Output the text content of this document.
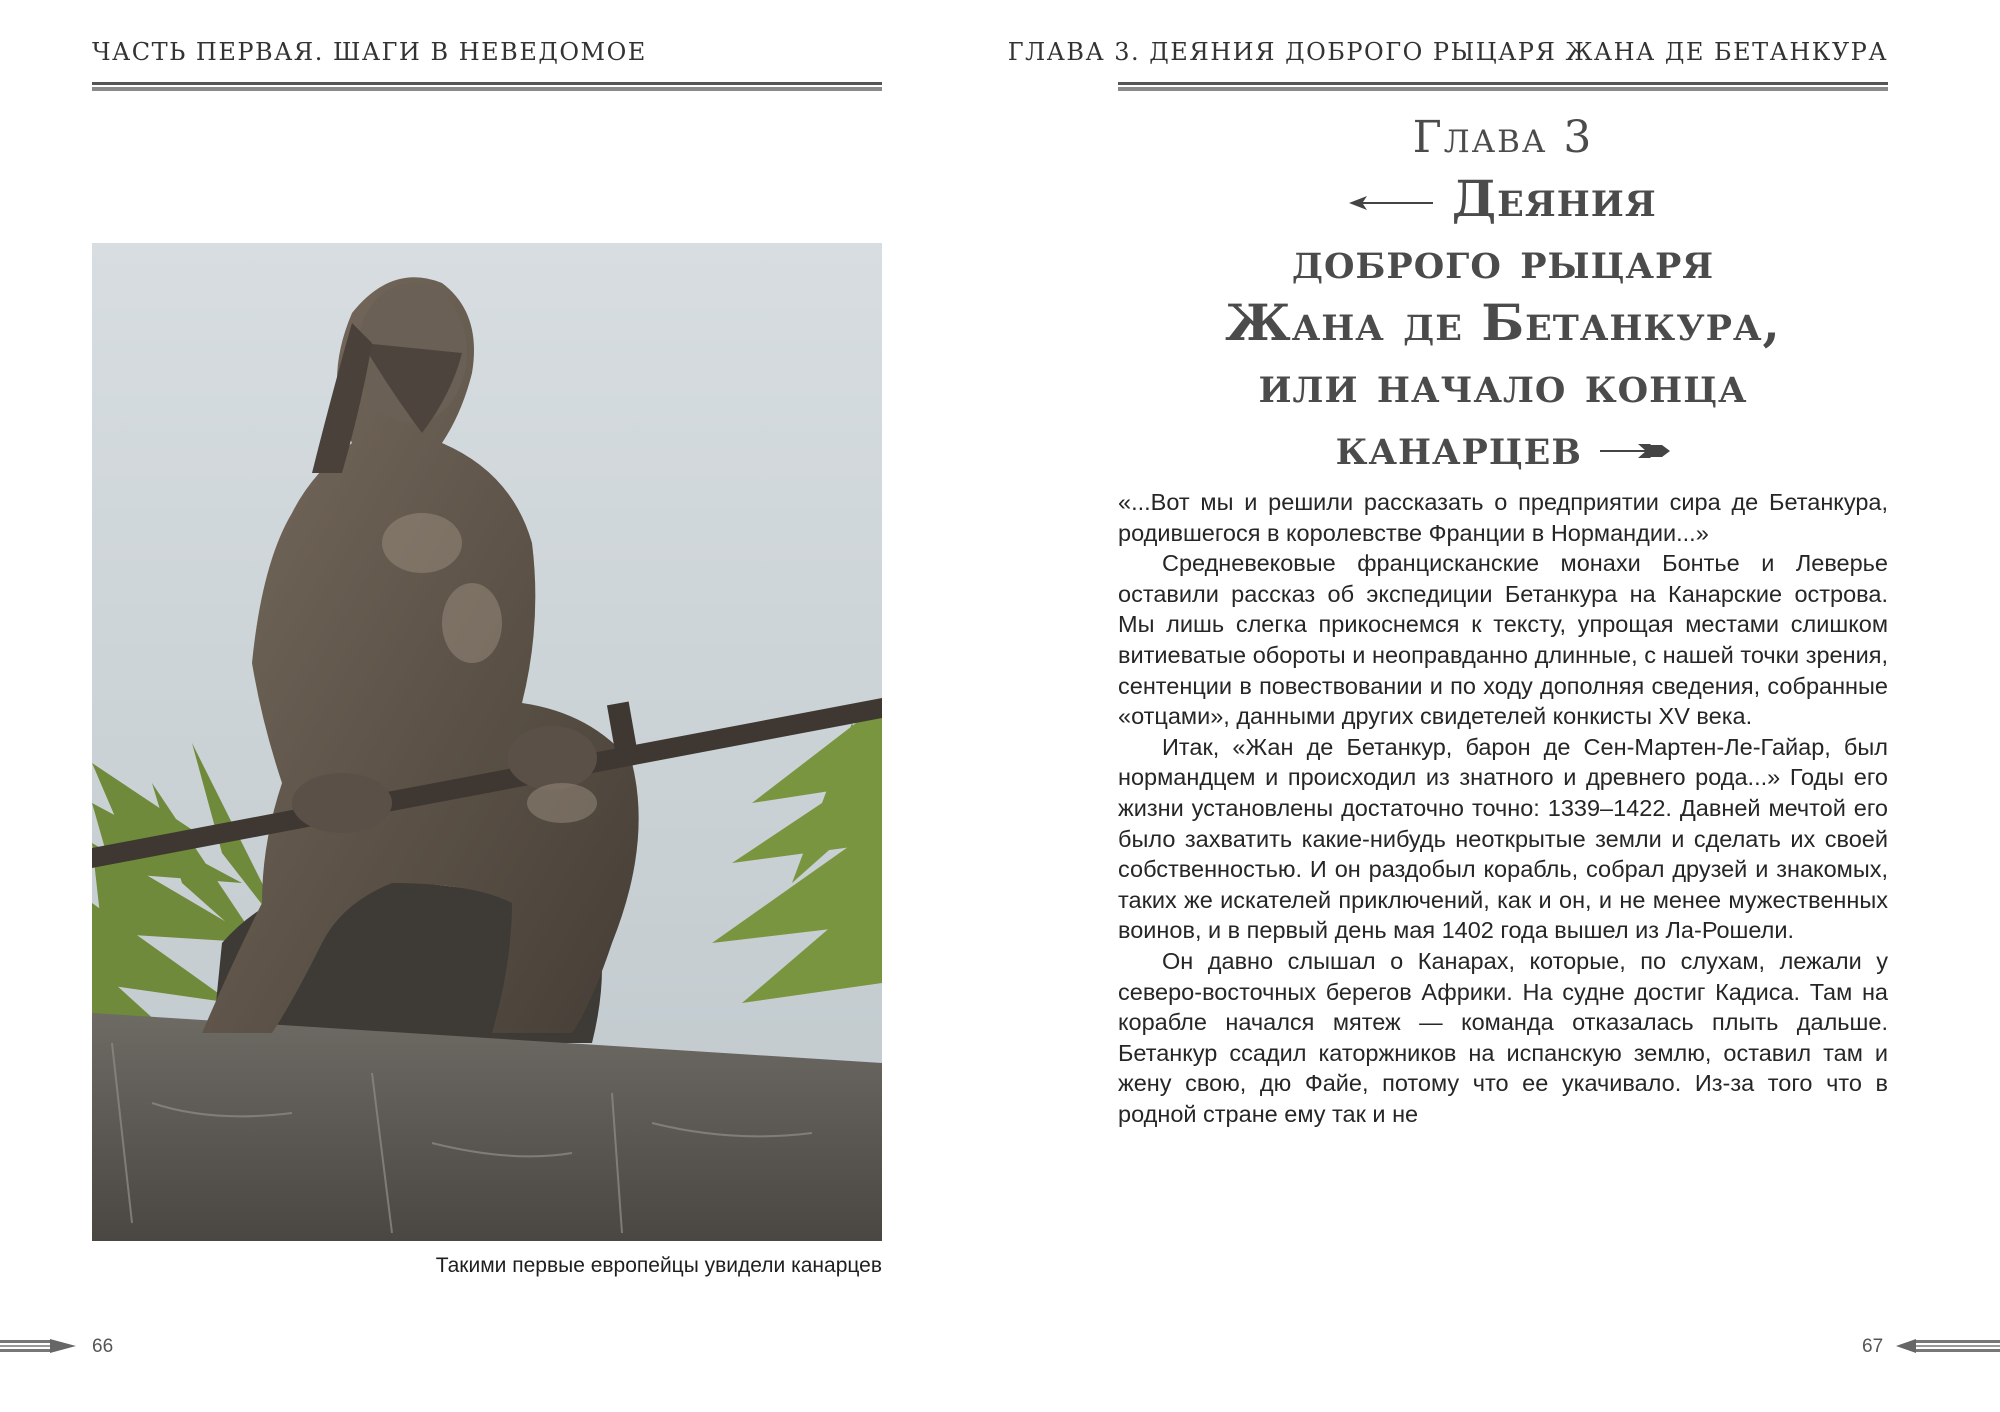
ЧАСТЬ ПЕРВАЯ. ШАГИ В НЕВЕДОМОЕ
Такими первые европейцы увидели канарцев
66
ГЛАВА 3. ДЕЯНИЯ ДОБРОГО РЫЦАРЯ ЖАНА ДЕ БЕТАНКУРА
Глава 3
Деяния
доброго рыцаря
Жана де Бетанкура,
или начало конца
канарцев

«...Вот мы и решили рассказать о предприятии сира де Бетанкура, родившегося в королевстве Франции в Нормандии...»

Средневековые францисканские монахи Бонтье и Леверье оставили рассказ об экспедиции Бетанкура на Канарские острова. Мы лишь слегка прикоснемся к тексту, упрощая местами слишком витиеватые обороты и неоправданно длинные, с нашей точки зрения, сентенции в повествовании и по ходу дополняя сведения, собранные «отцами», данными других свидетелей конкисты XV века.

Итак, «Жан де Бетанкур, барон де Сен-Мартен-Ле-Гайар, был нормандцем и происходил из знатного и древнего рода...» Годы его жизни установлены достаточно точно: 1339–1422. Давней мечтой его было захватить какие-нибудь неоткрытые земли и сделать их своей собственностью. И он раздобыл корабль, собрал друзей и знакомых, таких же искателей приключений, как и он, и не менее мужественных воинов, и в первый день мая 1402 года вышел из Ла-Рошели.

Он давно слышал о Канарах, которые, по слухам, лежали у северо-восточных берегов Африки. На судне достиг Кадиса. Там на корабле начался мятеж — команда отказалась плыть дальше. Бетанкур ссадил каторжников на испанскую землю, оставил там и жену свою, дю Файе, потому что ее укачивало. Из-за того что в родной стране ему так и не

67
